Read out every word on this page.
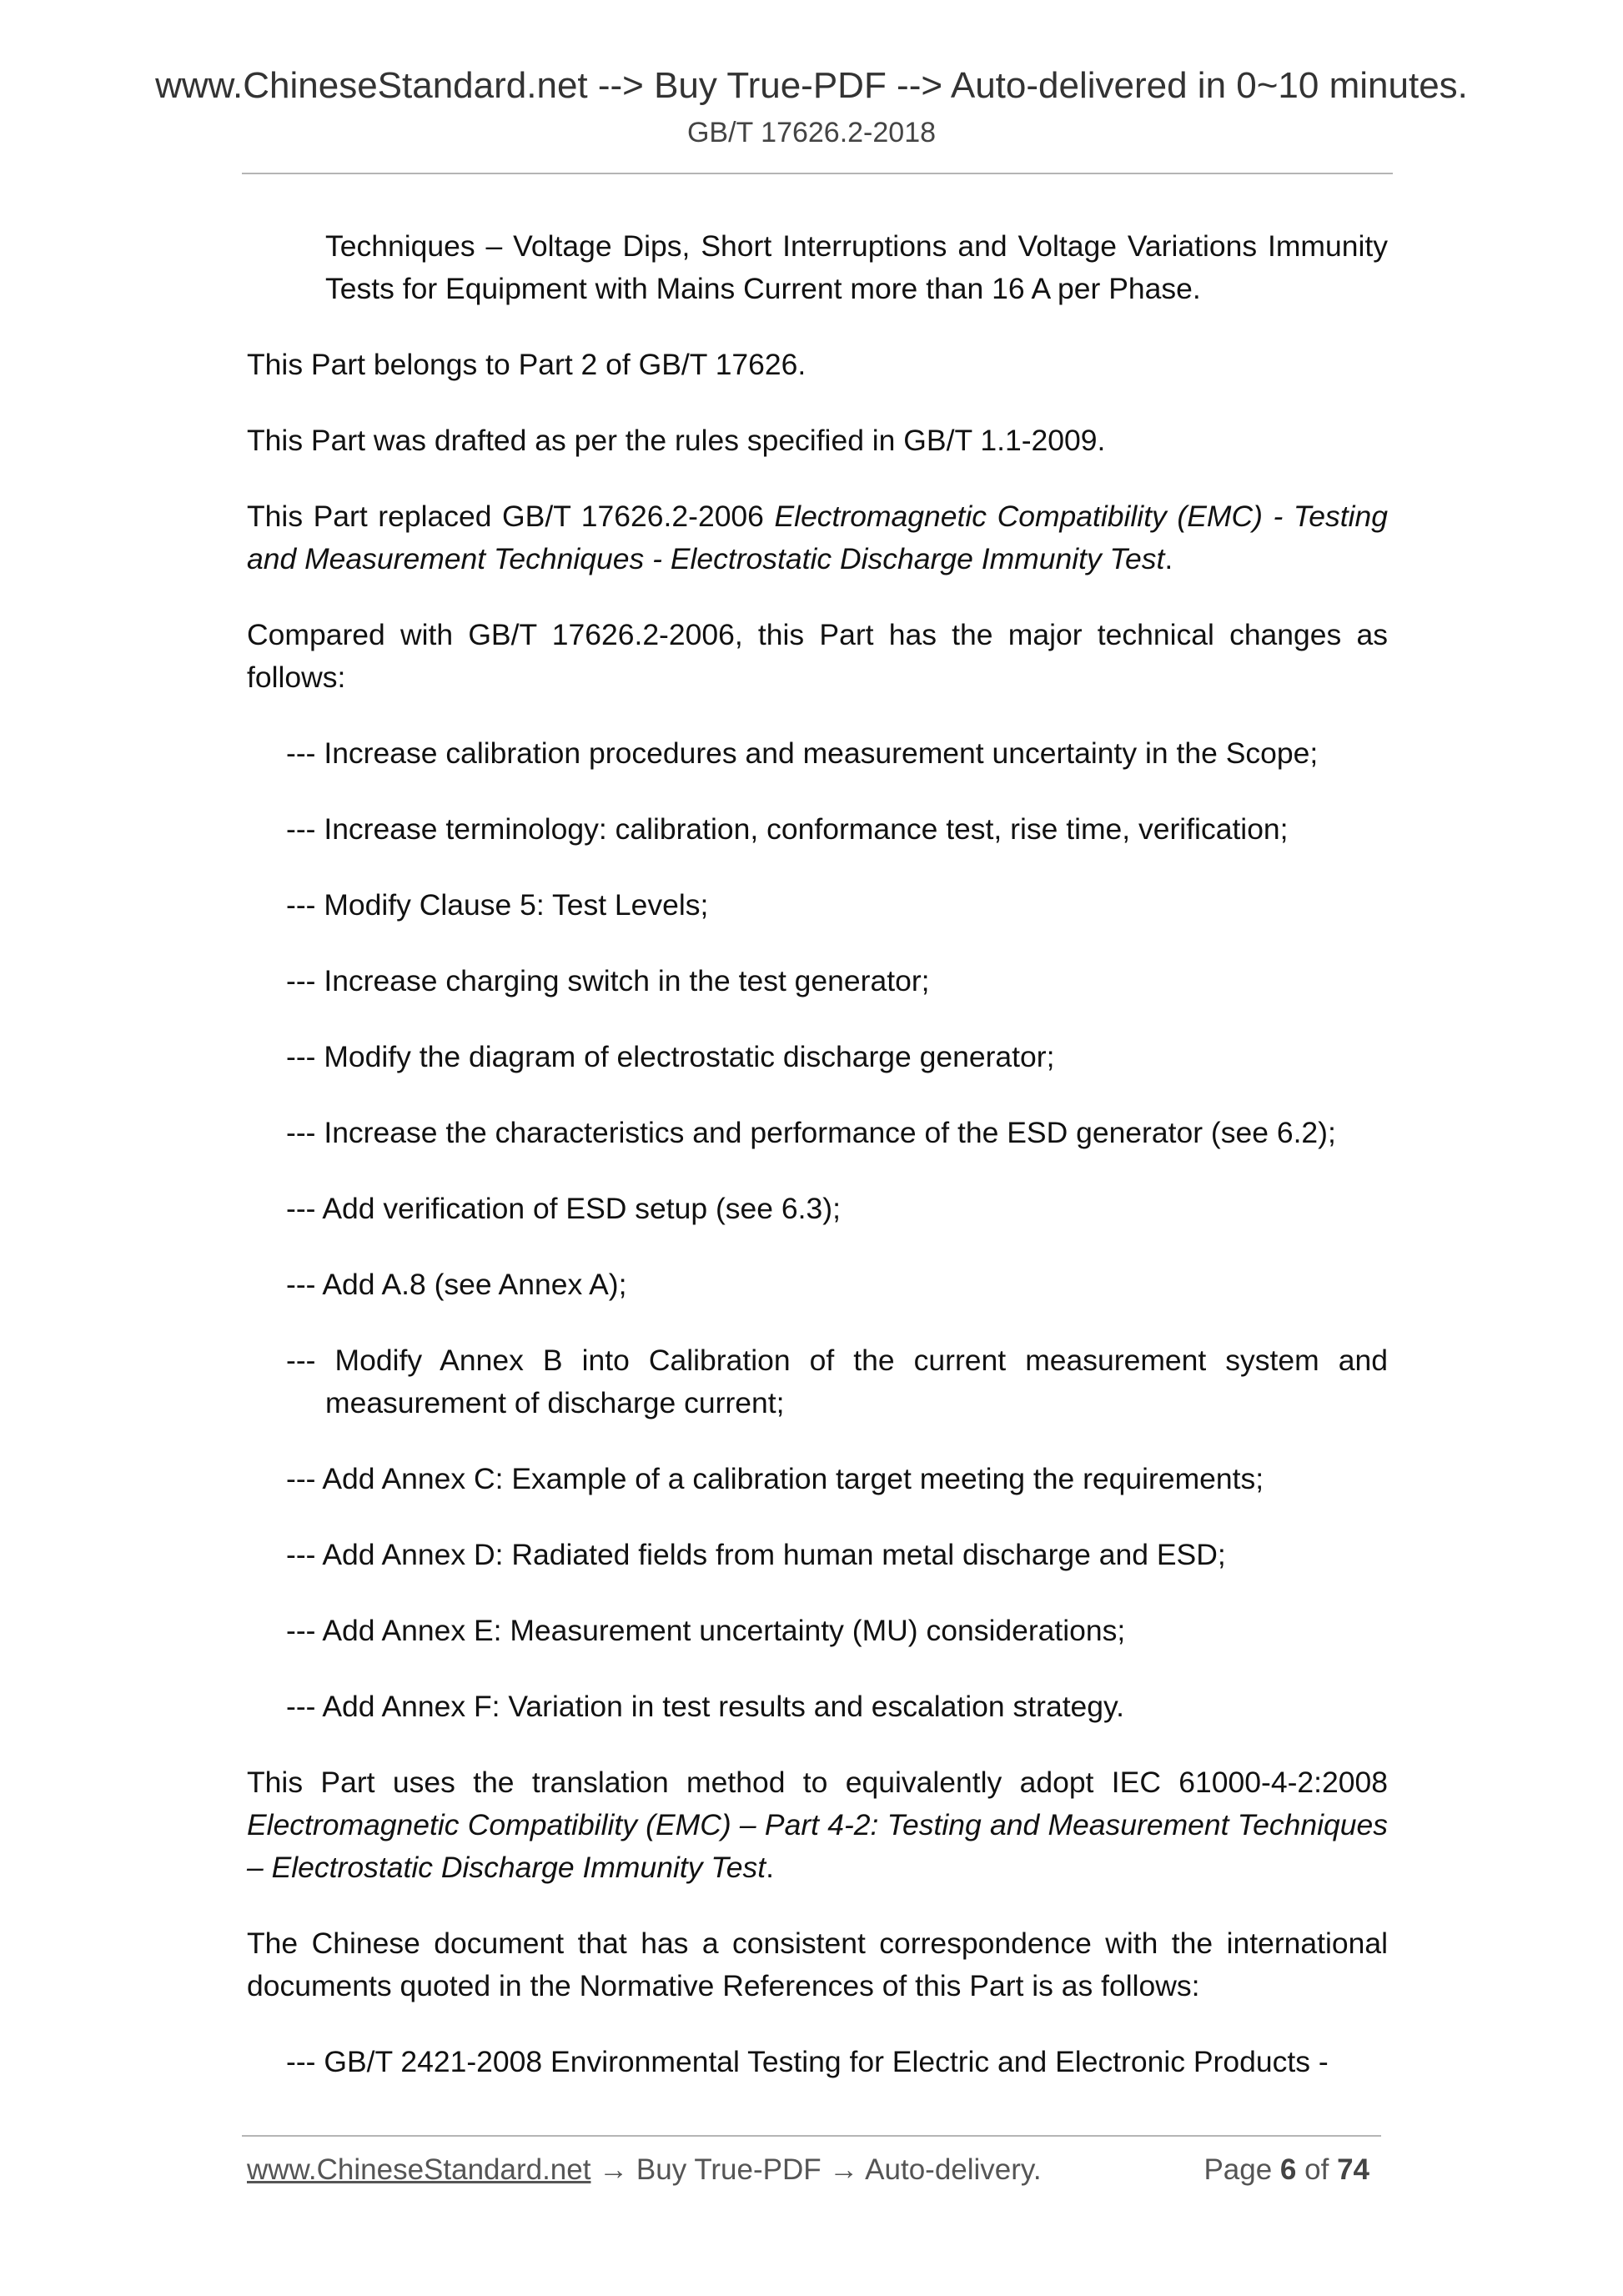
www.ChineseStandard.net --> Buy True-PDF --> Auto-delivered in 0~10 minutes.
GB/T 17626.2-2018

Techniques – Voltage Dips, Short Interruptions and Voltage Variations Immunity Tests for Equipment with Mains Current more than 16 A per Phase.

This Part belongs to Part 2 of GB/T 17626.

This Part was drafted as per the rules specified in GB/T 1.1-2009.

This Part replaced GB/T 17626.2-2006 Electromagnetic Compatibility (EMC) - Testing and Measurement Techniques - Electrostatic Discharge Immunity Test.

Compared with GB/T 17626.2-2006, this Part has the major technical changes as follows:

--- Increase calibration procedures and measurement uncertainty in the Scope;
--- Increase terminology: calibration, conformance test, rise time, verification;
--- Modify Clause 5: Test Levels;
--- Increase charging switch in the test generator;
--- Modify the diagram of electrostatic discharge generator;
--- Increase the characteristics and performance of the ESD generator (see 6.2);
--- Add verification of ESD setup (see 6.3);
--- Add A.8 (see Annex A);
--- Modify Annex B into Calibration of the current measurement system and measurement of discharge current;
--- Add Annex C: Example of a calibration target meeting the requirements;
--- Add Annex D: Radiated fields from human metal discharge and ESD;
--- Add Annex E: Measurement uncertainty (MU) considerations;
--- Add Annex F: Variation in test results and escalation strategy.

This Part uses the translation method to equivalently adopt IEC 61000-4-2:2008 Electromagnetic Compatibility (EMC) – Part 4-2: Testing and Measurement Techniques – Electrostatic Discharge Immunity Test.

The Chinese document that has a consistent correspondence with the international documents quoted in the Normative References of this Part is as follows:

--- GB/T 2421-2008 Environmental Testing for Electric and Electronic Products -
www.ChineseStandard.net → Buy True-PDF → Auto-delivery.	Page 6 of 74
